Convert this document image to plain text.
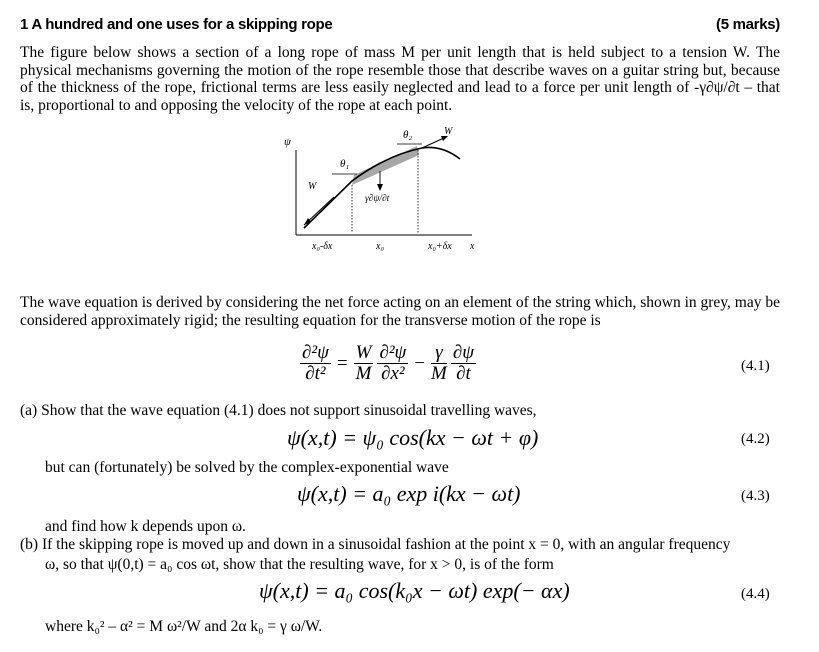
1 A hundred and one uses for a skipping rope	(5 marks)
The figure below shows a section of a long rope of mass M per unit length that is held subject to a tension W. The physical mechanisms governing the motion of the rope resemble those that describe waves on a guitar string but, because of the thickness of the rope, frictional terms are less easily neglected and lead to a force per unit length of -γ∂ψ/∂t – that is, proportional to and opposing the velocity of the rope at each point.
ψ
θ₁
θ₂
W
W
γ∂ψ/∂t
x₀-δx	x₀	x₀+δx x
The wave equation is derived by considering the net force acting on an element of the string which, shown in grey, may be considered approximately rigid; the resulting equation for the transverse motion of the rope is
$\frac{\text{∂²ψ}}{\text{∂t²}} = \frac{W}{M} \frac{\text{∂²ψ}}{\text{∂x²}} - \frac{\gamma}{M} \frac{\partial\psi}{\partial t}$	(4.1)
(a) Show that the wave equation (4.1) does not support sinusoidal travelling waves,
ψ(x,t) = ψ₀ cos(kx − ωt + φ)	(4.2)
but can (fortunately) be solved by the complex-exponential wave
ψ(x,t) = a₀ exp i(kx − ωt)	(4.3)
and find how k depends upon ω.
(b) If the skipping rope is moved up and down in a sinusoidal fashion at the point x = 0, with an angular frequency
ω, so that ψ(0,t) = a₀ cos ωt, show that the resulting wave, for x > 0, is of the form
ψ(x,t) = a₀ cos(k₀x − ωt) exp(− αx)	(4.4)
where k₀² – α² = M ω²/W and 2α k₀ = γ ω/W.
